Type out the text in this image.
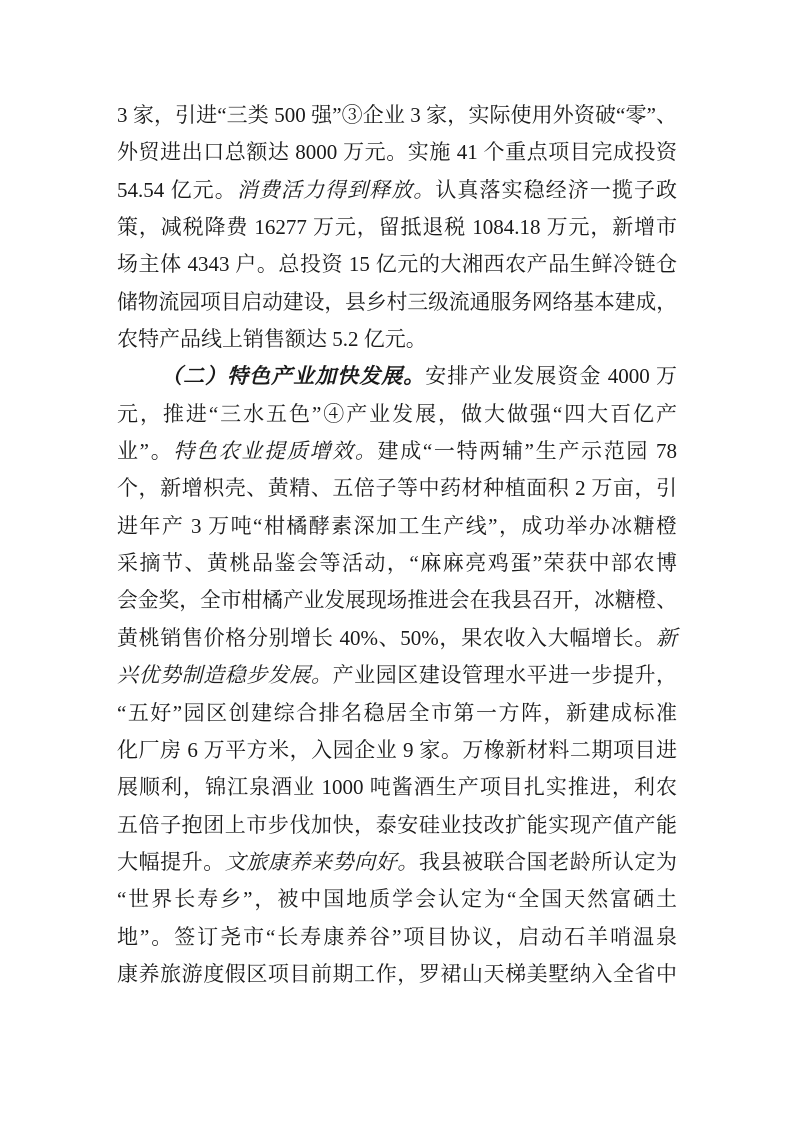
3 家，引进“三类 500 强”③企业 3 家，实际使用外资破“零”、
外贸进出口总额达 8000 万元。实施 41 个重点项目完成投资
54.54 亿元。消费活力得到释放。认真落实稳经济一揽子政
策，减税降费 16277 万元，留抵退税 1084.18 万元，新增市
场主体 4343 户。总投资 15 亿元的大湘西农产品生鲜冷链仓
储物流园项目启动建设，县乡村三级流通服务网络基本建成，
农特产品线上销售额达 5.2 亿元。
（二）特色产业加快发展。安排产业发展资金 4000 万
元，推进“三水五色”④产业发展，做大做强“四大百亿产
业”。特色农业提质增效。建成“一特两辅”生产示范园 78
个，新增枳壳、黄精、五倍子等中药材种植面积 2 万亩，引
进年产 3 万吨“柑橘酵素深加工生产线”，成功举办冰糖橙
采摘节、黄桃品鉴会等活动，“麻麻亮鸡蛋”荣获中部农博
会金奖，全市柑橘产业发展现场推进会在我县召开，冰糖橙、
黄桃销售价格分别增长 40%、50%，果农收入大幅增长。新
兴优势制造稳步发展。产业园区建设管理水平进一步提升，
“五好”园区创建综合排名稳居全市第一方阵，新建成标准
化厂房 6 万平方米，入园企业 9 家。万橡新材料二期项目进
展顺利，锦江泉酒业 1000 吨酱酒生产项目扎实推进，利农
五倍子抱团上市步伐加快，泰安硅业技改扩能实现产值产能
大幅提升。文旅康养来势向好。我县被联合国老龄所认定为
“世界长寿乡”，被中国地质学会认定为“全国天然富硒土
地”。签订尧市“长寿康养谷”项目协议，启动石羊哨温泉
康养旅游度假区项目前期工作，罗裙山天梯美墅纳入全省中
